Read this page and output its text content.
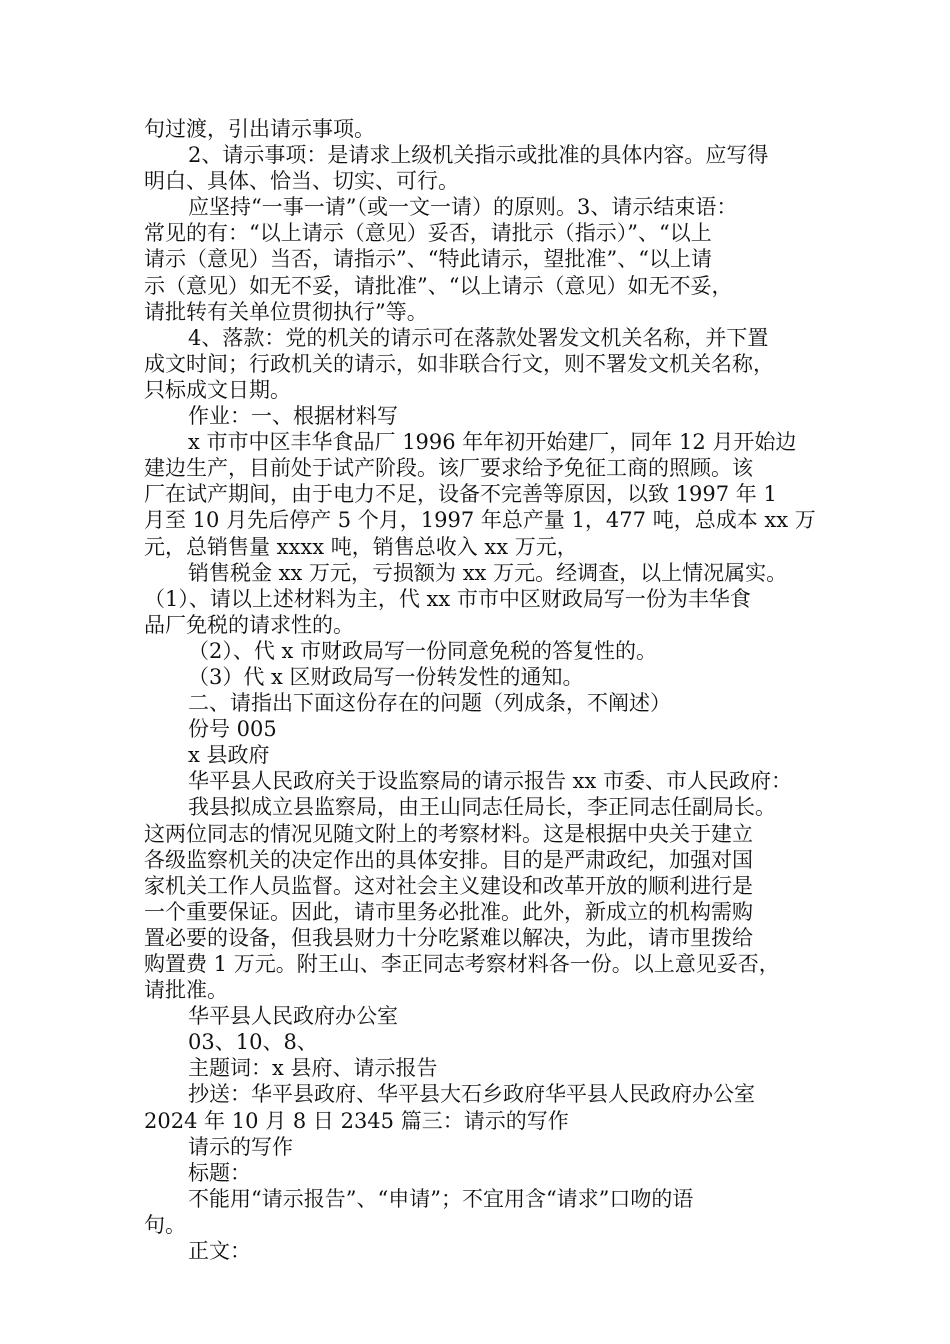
句过渡，引出请示事项。
2、请示事项：是请求上级机关指示或批准的具体内容。应写得
明白、具体、恰当、切实、可行。
应坚持“一事一请”（或一文一请）的原则。3、请示结束语：
常见的有：“以上请示（意见）妥否，请批示（指示）”、“以上
请示（意见）当否，请指示”、“特此请示，望批准”、“以上请
示（意见）如无不妥，请批准”、“以上请示（意见）如无不妥，
请批转有关单位贯彻执行”等。
4、落款：党的机关的请示可在落款处署发文机关名称，并下置
成文时间；行政机关的请示，如非联合行文，则不署发文机关名称，
只标成文日期。
作业：一、根据材料写
x 市市中区丰华食品厂 1996 年年初开始建厂，同年 12 月开始边
建边生产，目前处于试产阶段。该厂要求给予免征工商的照顾。该
厂在试产期间，由于电力不足，设备不完善等原因，以致 1997 年 1
月至 10 月先后停产 5 个月，1997 年总产量 1，477 吨，总成本 xx 万
元，总销售量 xxxx 吨，销售总收入 xx 万元，
销售税金 xx 万元，亏损额为 xx 万元。经调查，以上情况属实。
（1）、请以上述材料为主，代 xx 市市中区财政局写一份为丰华食
品厂免税的请求性的。
（2）、代 x 市财政局写一份同意免税的答复性的。
（3）代 x 区财政局写一份转发性的通知。
二、请指出下面这份存在的问题（列成条，不阐述）
份号 005
x 县政府
华平县人民政府关于设监察局的请示报告 xx 市委、市人民政府：
我县拟成立县监察局，由王山同志任局长，李正同志任副局长。
这两位同志的情况见随文附上的考察材料。这是根据中央关于建立
各级监察机关的决定作出的具体安排。目的是严肃政纪，加强对国
家机关工作人员监督。这对社会主义建设和改革开放的顺利进行是
一个重要保证。因此，请市里务必批准。此外，新成立的机构需购
置必要的设备，但我县财力十分吃紧难以解决，为此，请市里拨给
购置费 1 万元。附王山、李正同志考察材料各一份。以上意见妥否，
请批准。
华平县人民政府办公室
03、10、8、
主题词：x 县府、请示报告
抄送：华平县政府、华平县大石乡政府华平县人民政府办公室
2024 年 10 月 8 日 2345 篇三：请示的写作
请示的写作
标题：
不能用“请示报告”、“申请”；不宜用含“请求”口吻的语
句。
正文：
